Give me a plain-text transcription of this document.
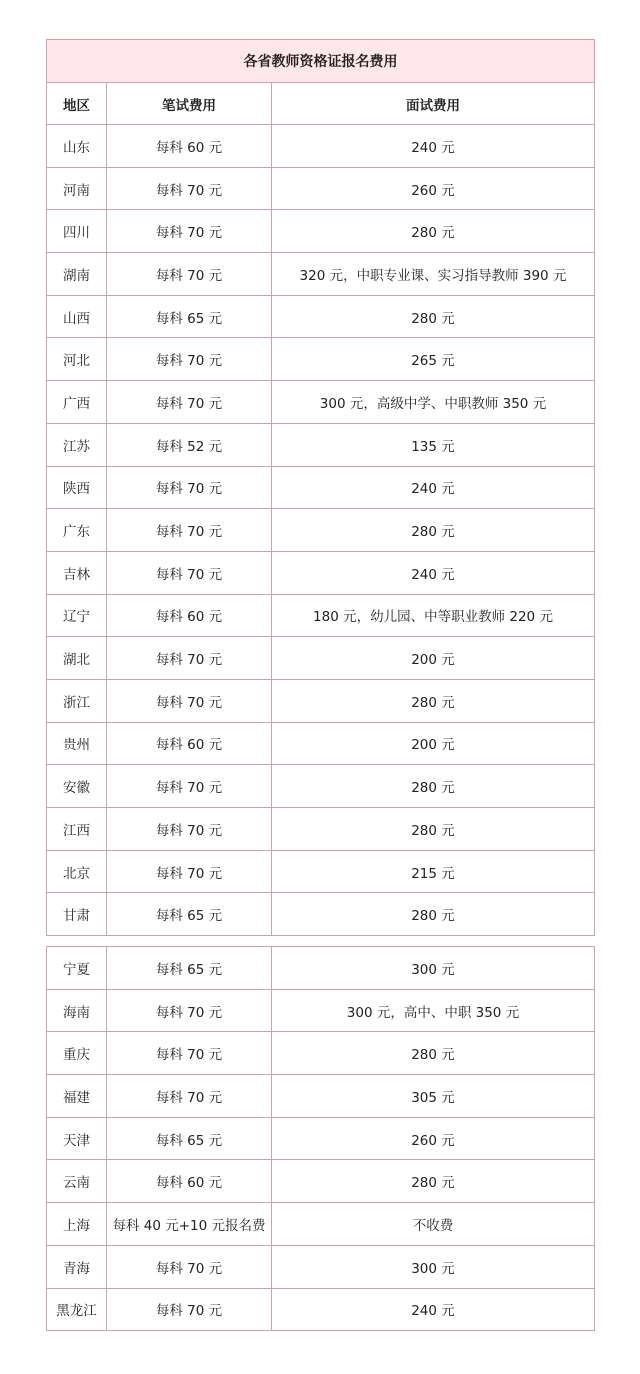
各省教师资格证报名费用		
地区	笔试费用	面试费用
山东	每科 60 元	240 元
河南	每科 70 元	260 元
四川	每科 70 元	280 元
湖南	每科 70 元	320 元，中职专业课、实习指导教师 390 元
山西	每科 65 元	280 元
河北	每科 70 元	265 元
广西	每科 70 元	300 元，高级中学、中职教师 350 元
江苏	每科 52 元	135 元
陕西	每科 70 元	240 元
广东	每科 70 元	280 元
吉林	每科 70 元	240 元
辽宁	每科 60 元	180 元，幼儿园、中等职业教师 220 元
湖北	每科 70 元	200 元
浙江	每科 70 元	280 元
贵州	每科 60 元	200 元
安徽	每科 70 元	280 元
江西	每科 70 元	280 元
北京	每科 70 元	215 元
甘肃	每科 65 元	280 元
宁夏	每科 65 元	300 元
海南	每科 70 元	300 元，高中、中职 350 元
重庆	每科 70 元	280 元
福建	每科 70 元	305 元
天津	每科 65 元	260 元
云南	每科 60 元	280 元
上海	每科 40 元+10 元报名费	不收费
青海	每科 70 元	300 元
黑龙江	每科 70 元	240 元
